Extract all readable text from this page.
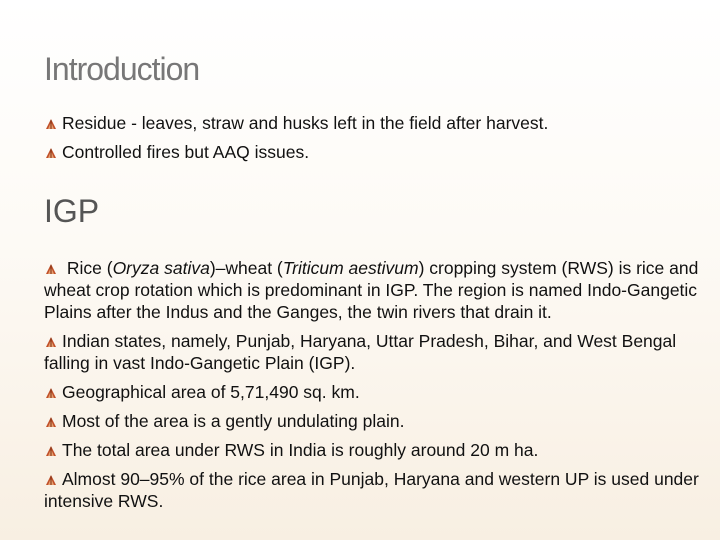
Introduction
Residue - leaves, straw and husks left in the field after harvest.
Controlled fires but AAQ issues.
IGP
Rice (Oryza sativa)–wheat (Triticum aestivum) cropping system (RWS) is rice and wheat crop rotation which is predominant in IGP. The region is named Indo-Gangetic Plains after the Indus and the Ganges, the twin rivers that drain it.
Indian states, namely, Punjab, Haryana, Uttar Pradesh, Bihar, and West Bengal falling in vast Indo-Gangetic Plain (IGP).
Geographical area of 5,71,490 sq. km.
Most of the area is a gently undulating plain.
The total area under RWS in India is roughly around 20 m ha.
Almost 90–95% of the rice area in Punjab, Haryana and western UP is used under intensive RWS.
